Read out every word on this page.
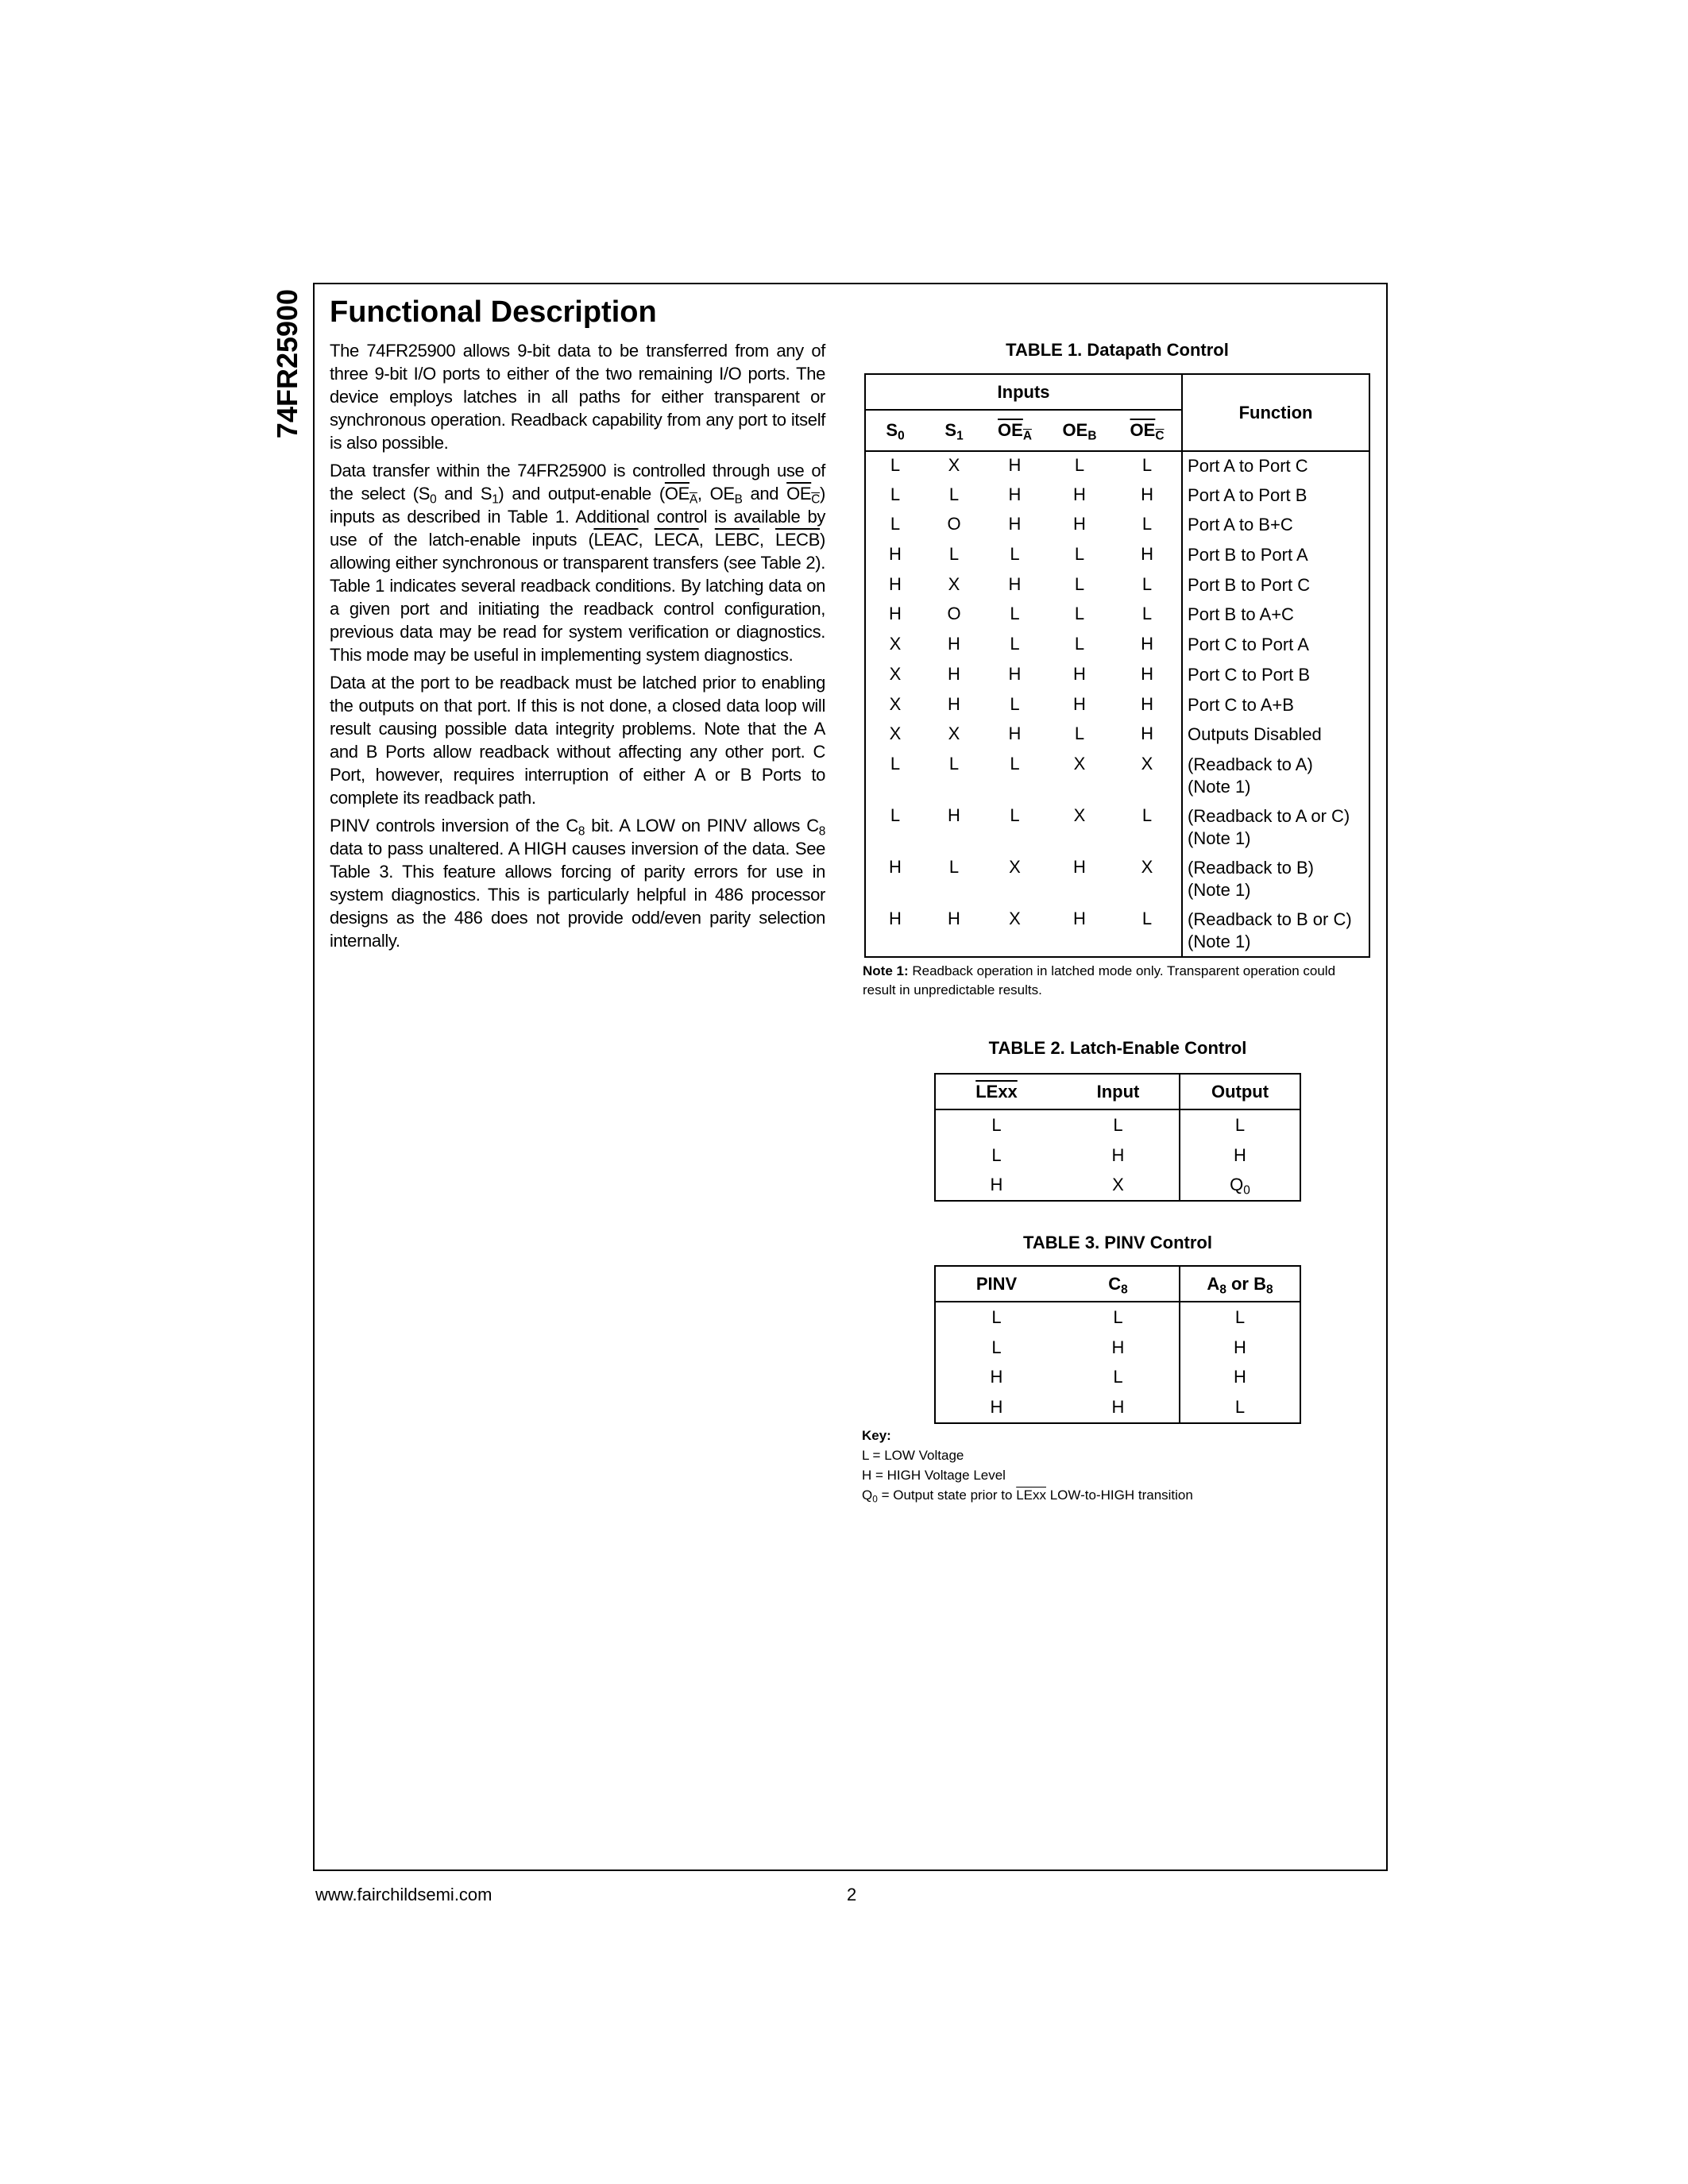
74FR25900 Functional Description

The 74FR25900 allows 9-bit data to be transferred from any of three 9-bit I/O ports to either of the two remaining I/O ports. The device employs latches in all paths for either transparent or synchronous operation. Readback capability from any port to itself is also possible.

Data transfer within the 74FR25900 is controlled through use of the select ($S_0$ and $S_1$) and output-enable ($\overline{OE}_{\overline{A}}$, $OE_B$ and $\overline{OE}_{\overline{C}}$) inputs as described in Table 1. Additional control is available by use of the latch-enable inputs (LEAC, LECA, LEBC, LECB) allowing either synchronous or transparent transfers (see Table 2). Table 1 indicates several readback conditions. By latching data on a given port and initiating the readback control configuration, previous data may be read for system verification or diagnostics. This mode may be useful in implementing system diagnostics.

Data at the port to be readback must be latched prior to enabling the outputs on that port. If this is not done, a closed data loop will result causing possible data integrity problems. Note that the A and B Ports allow readback without affecting any other port. C Port, however, requires interruption of either A or B Ports to complete its readback path.

PINV controls inversion of the $C_8$ bit. A LOW on PINV allows $C_8$ data to pass unaltered. A HIGH causes inversion of the data. See Table 3. This feature allows forcing of parity errors for use in system diagnostics. This is particularly helpful in 486 processor designs as the 486 does not provide odd/even parity selection internally.

TABLE 1. Datapath Control
Inputs					Function
$S_0$	$S_1$	$\overline{OE}_{\overline{A}}$	$OE_B$	$\overline{OE}_{\overline{C}}$
L	X	H	L	L	Port A to Port C

L	L	H	H	H	Port A to Port B

L	O	H	H	L	Port A to B+C

H	L	L	L	H	Port B to Port A

H	X	H	L	L	Port B to Port C

H	O	L	L	L	Port B to A+C

X	H	L	L	H	Port C to Port A

X	H	H	H	H	Port C to Port B

X	H	L	H	H	Port C to A+B

X	X	H	L	H	Outputs Disabled

L	L	L	X	X	(Readback to A)
(Note 1)

L	H	L	X	L	(Readback to A or C)
(Note 1)

H	L	X	H	X	(Readback to B)
(Note 1)

H	H	X	H	L	(Readback to B or C)
(Note 1)
Note 1: Readback operation in latched mode only. Transparent operation could result in unpredictable results.
TABLE 2. Latch-Enable Control
LExx	Input	Output
L	L	L
L	H	H
H	X	$Q_0$
TABLE 3. PINV Control
PINV	$C_8$	$A_8$ or $B_8$
L	L	L
L	H	H
H	L	H
H	H	L
Key:
L = LOW Voltage
H = HIGH Voltage Level
$Q_0$ = Output state prior to LExx LOW-to-HIGH transition
www.fairchildsemi.com	2
